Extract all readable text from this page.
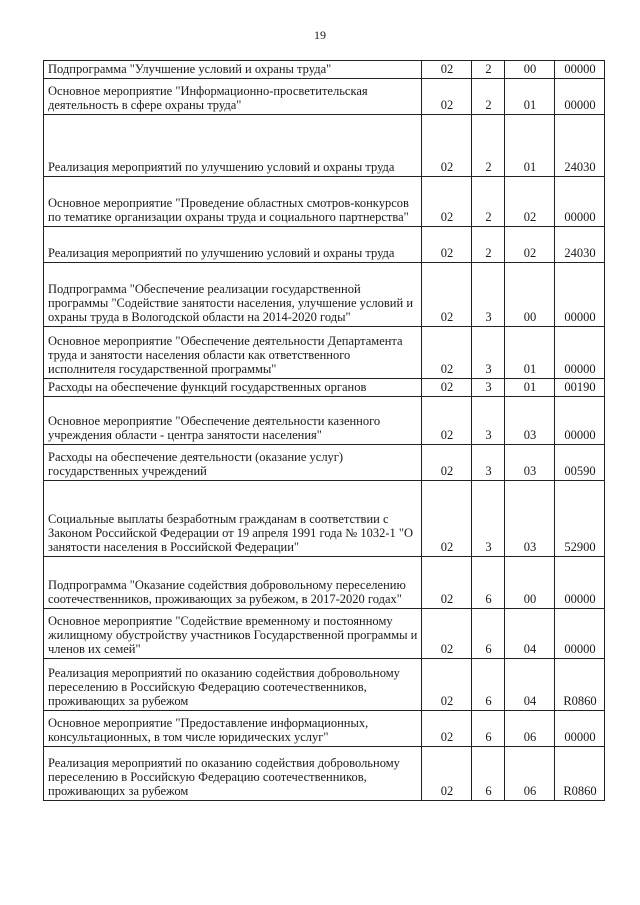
19
Подпрограмма "Улучшение условий и охраны труда"	02	2	00	00000
Основное мероприятие "Информационно-просветительская деятельность в сфере охраны труда"	02	2	01	00000
Реализация мероприятий по улучшению условий и охраны труда	02	2	01	24030
Основное мероприятие "Проведение областных смотров-конкурсов по тематике организации охраны труда и социального партнерства"	02	2	02	00000
Реализация мероприятий по улучшению условий и охраны труда	02	2	02	24030
Подпрограмма "Обеспечение реализации государственной программы "Содействие занятости населения, улучшение условий и охраны труда в Вологодской области на 2014-2020 годы"	02	3	00	00000
Основное мероприятие "Обеспечение деятельности Департамента труда и занятости населения области как ответственного исполнителя государственной программы"	02	3	01	00000
Расходы на обеспечение функций государственных органов	02	3	01	00190
Основное мероприятие "Обеспечение деятельности казенного учреждения области - центра занятости населения"	02	3	03	00000
Расходы на обеспечение деятельности (оказание услуг) государственных учреждений	02	3	03	00590
Социальные выплаты безработным гражданам в соответствии с Законом Российской Федерации от 19 апреля 1991 года № 1032-1 "О занятости населения в Российской Федерации"	02	3	03	52900
Подпрограмма "Оказание содействия добровольному переселению соотечественников, проживающих за рубежом, в 2017-2020 годах"	02	6	00	00000
Основное мероприятие "Содействие временному и постоянному жилищному обустройству участников Государственной программы и членов их семей"	02	6	04	00000
Реализация мероприятий по оказанию содействия добровольному переселению в Российскую Федерацию соотечественников, проживающих за рубежом	02	6	04	R0860
Основное мероприятие "Предоставление информационных, консультационных, в том числе юридических услуг"	02	6	06	00000
Реализация мероприятий по оказанию содействия добровольному переселению в Российскую Федерацию соотечественников, проживающих за рубежом	02	6	06	R0860
